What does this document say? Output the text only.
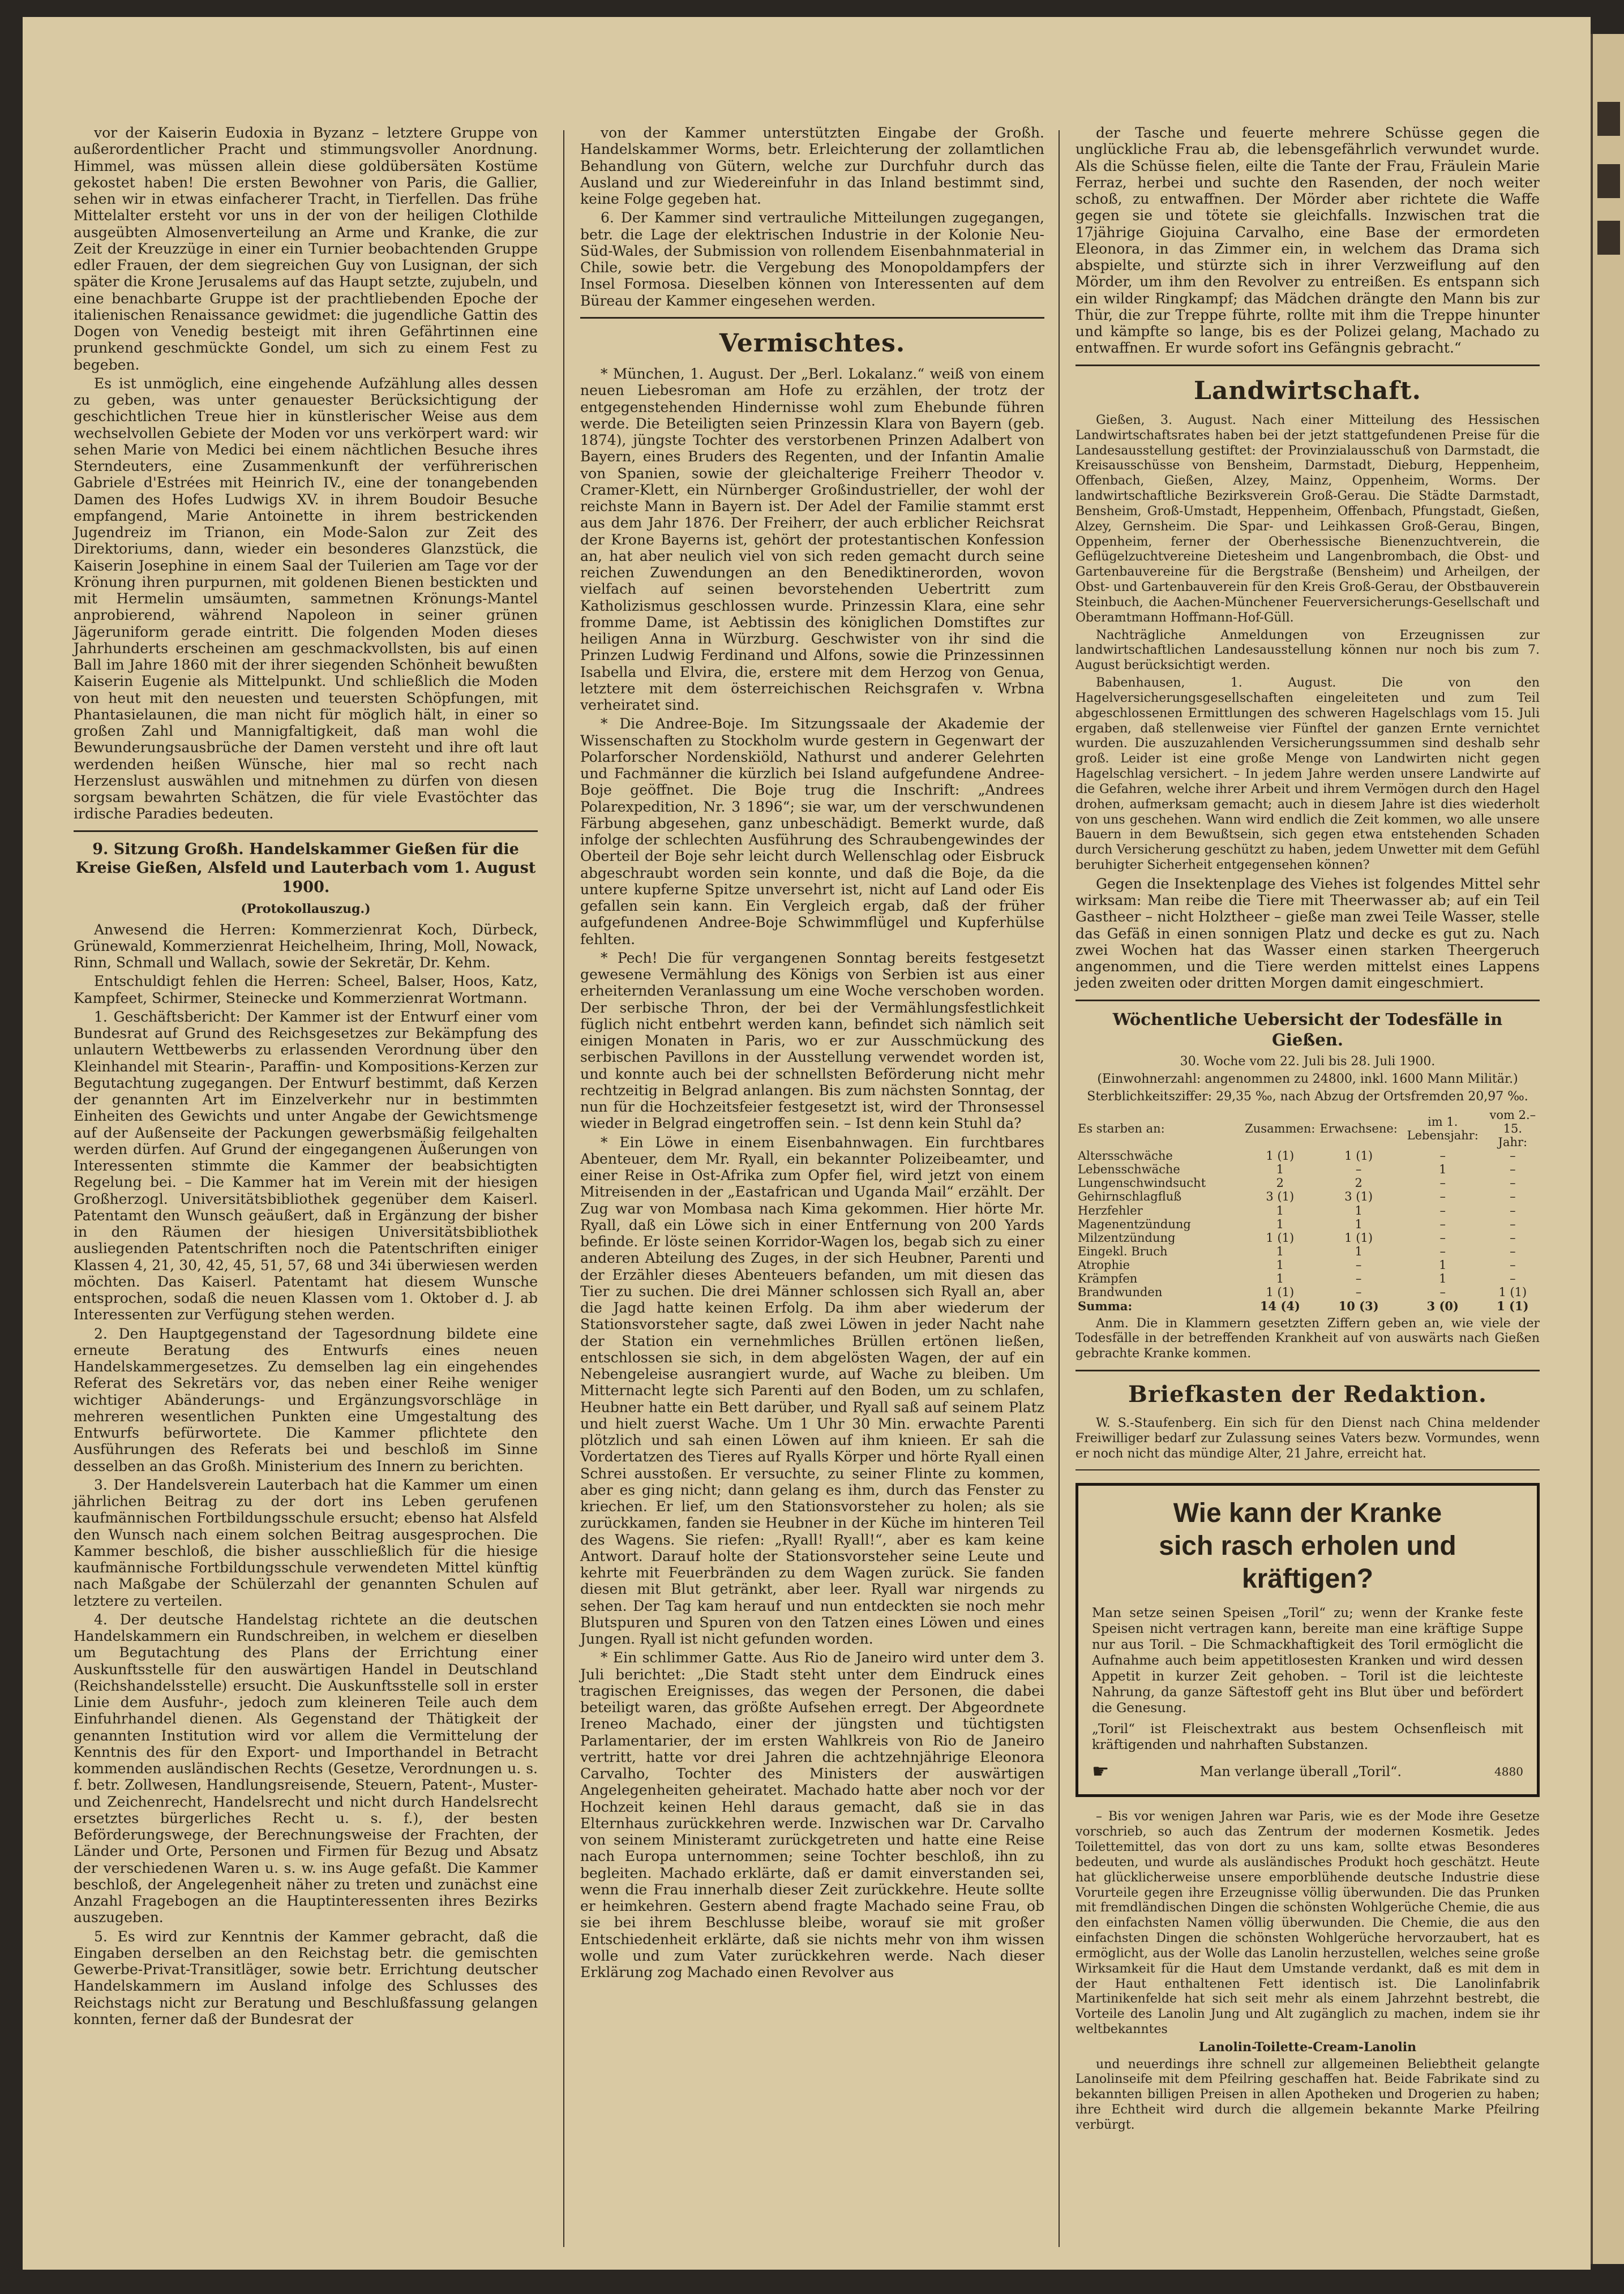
vor der Kaiserin Eudoxia in Byzanz – letztere Gruppe von außerordentlicher Pracht und stimmungsvoller Anordnung. Himmel, was müssen allein diese goldübersäten Kostüme gekostet haben! Die ersten Bewohner von Paris, die Gallier, sehen wir in etwas einfacherer Tracht, in Tierfellen. Das frühe Mittelalter ersteht vor uns in der von der heiligen Clothilde ausgeübten Almosenverteilung an Arme und Kranke, die zur Zeit der Kreuzzüge in einer ein Turnier beobachtenden Gruppe edler Frauen, der dem siegreichen Guy von Lusignan, der sich später die Krone Jerusalems auf das Haupt setzte, zujubeln, und eine benachbarte Gruppe ist der prachtliebenden Epoche der italienischen Renaissance gewidmet: die jugendliche Gattin des Dogen von Venedig besteigt mit ihren Gefährtinnen eine prunkend geschmückte Gondel, um sich zu einem Fest zu begeben.

Es ist unmöglich, eine eingehende Aufzählung alles dessen zu geben, was unter genauester Berücksichtigung der geschichtlichen Treue hier in künstlerischer Weise aus dem wechselvollen Gebiete der Moden vor uns verkörpert ward: wir sehen Marie von Medici bei einem nächtlichen Besuche ihres Sterndeuters, eine Zusammenkunft der verführerischen Gabriele d'Estrées mit Heinrich IV., eine der tonangebenden Damen des Hofes Ludwigs XV. in ihrem Boudoir Besuche empfangend, Marie Antoinette in ihrem bestrickenden Jugendreiz im Trianon, ein Mode-Salon zur Zeit des Direktoriums, dann, wieder ein besonderes Glanzstück, die Kaiserin Josephine in einem Saal der Tuilerien am Tage vor der Krönung ihren purpurnen, mit goldenen Bienen bestickten und mit Hermelin umsäumten, sammetnen Krönungs-Mantel anprobierend, während Napoleon in seiner grünen Jägeruniform gerade eintritt. Die folgenden Moden dieses Jahrhunderts erscheinen am geschmackvollsten, bis auf einen Ball im Jahre 1860 mit der ihrer siegenden Schönheit bewußten Kaiserin Eugenie als Mittelpunkt. Und schließlich die Moden von heut mit den neuesten und teuersten Schöpfungen, mit Phantasielaunen, die man nicht für möglich hält, in einer so großen Zahl und Mannigfaltigkeit, daß man wohl die Bewunderungsausbrüche der Damen versteht und ihre oft laut werdenden heißen Wünsche, hier mal so recht nach Herzenslust auswählen und mitnehmen zu dürfen von diesen sorgsam bewahrten Schätzen, die für viele Evastöchter das irdische Paradies bedeuten.

9. Sitzung Großh. Handelskammer Gießen für die Kreise Gießen, Alsfeld und Lauterbach vom 1. August 1900.
(Protokollauszug.)

Anwesend die Herren: Kommerzienrat Koch, Dürbeck, Grünewald, Kommerzienrat Heichelheim, Ihring, Moll, Nowack, Rinn, Schmall und Wallach, sowie der Sekretär, Dr. Kehm.

Entschuldigt fehlen die Herren: Scheel, Balser, Hoos, Katz, Kampfeet, Schirmer, Steinecke und Kommerzienrat Wortmann.

1. Geschäftsbericht: Der Kammer ist der Entwurf einer vom Bundesrat auf Grund des Reichsgesetzes zur Bekämpfung des unlautern Wettbewerbs zu erlassenden Verordnung über den Kleinhandel mit Stearin-, Paraffin- und Kompositions-Kerzen zur Begutachtung zugegangen. Der Entwurf bestimmt, daß Kerzen der genannten Art im Einzelverkehr nur in bestimmten Einheiten des Gewichts und unter Angabe der Gewichtsmenge auf der Außenseite der Packungen gewerbsmäßig feilgehalten werden dürfen. Auf Grund der eingegangenen Äußerungen von Interessenten stimmte die Kammer der beabsichtigten Regelung bei. – Die Kammer hat im Verein mit der hiesigen Großherzogl. Universitätsbibliothek gegenüber dem Kaiserl. Patentamt den Wunsch geäußert, daß in Ergänzung der bisher in den Räumen der hiesigen Universitätsbibliothek ausliegenden Patentschriften noch die Patentschriften einiger Klassen 4, 21, 30, 42, 45, 51, 57, 68 und 34i überwiesen werden möchten. Das Kaiserl. Patentamt hat diesem Wunsche entsprochen, sodaß die neuen Klassen vom 1. Oktober d. J. ab Interessenten zur Verfügung stehen werden.

2. Den Hauptgegenstand der Tagesordnung bildete eine erneute Beratung des Entwurfs eines neuen Handelskammergesetzes. Zu demselben lag ein eingehendes Referat des Sekretärs vor, das neben einer Reihe weniger wichtiger Abänderungs- und Ergänzungsvorschläge in mehreren wesentlichen Punkten eine Umgestaltung des Entwurfs befürwortete. Die Kammer pflichtete den Ausführungen des Referats bei und beschloß im Sinne desselben an das Großh. Ministerium des Innern zu berichten.

3. Der Handelsverein Lauterbach hat die Kammer um einen jährlichen Beitrag zu der dort ins Leben gerufenen kaufmännischen Fortbildungsschule ersucht; ebenso hat Alsfeld den Wunsch nach einem solchen Beitrag ausgesprochen. Die Kammer beschloß, die bisher ausschließlich für die hiesige kaufmännische Fortbildungsschule verwendeten Mittel künftig nach Maßgabe der Schülerzahl der genannten Schulen auf letztere zu verteilen.

4. Der deutsche Handelstag richtete an die deutschen Handelskammern ein Rundschreiben, in welchem er dieselben um Begutachtung des Plans der Errichtung einer Auskunftsstelle für den auswärtigen Handel in Deutschland (Reichshandelsstelle) ersucht. Die Auskunftsstelle soll in erster Linie dem Ausfuhr-, jedoch zum kleineren Teile auch dem Einfuhrhandel dienen. Als Gegenstand der Thätigkeit der genannten Institution wird vor allem die Vermittelung der Kenntnis des für den Export- und Importhandel in Betracht kommenden ausländischen Rechts (Gesetze, Verordnungen u. s. f. betr. Zollwesen, Handlungsreisende, Steuern, Patent-, Muster- und Zeichenrecht, Handelsrecht und nicht durch Handelsrecht ersetztes bürgerliches Recht u. s. f.), der besten Beförderungswege, der Berechnungsweise der Frachten, der Länder und Orte, Personen und Firmen für Bezug und Absatz der verschiedenen Waren u. s. w. ins Auge gefaßt. Die Kammer beschloß, der Angelegenheit näher zu treten und zunächst eine Anzahl Fragebogen an die Hauptinteressenten ihres Bezirks auszugeben.

5. Es wird zur Kenntnis der Kammer gebracht, daß die Eingaben derselben an den Reichstag betr. die gemischten Gewerbe-Privat-Transitläger, sowie betr. Errichtung deutscher Handelskammern im Ausland infolge des Schlusses des Reichstags nicht zur Beratung und Beschlußfassung gelangen konnten, ferner daß der Bundesrat der

von der Kammer unterstützten Eingabe der Großh. Handelskammer Worms, betr. Erleichterung der zollamtlichen Behandlung von Gütern, welche zur Durchfuhr durch das Ausland und zur Wiedereinfuhr in das Inland bestimmt sind, keine Folge gegeben hat.

6. Der Kammer sind vertrauliche Mitteilungen zugegangen, betr. die Lage der elektrischen Industrie in der Kolonie Neu-Süd-Wales, der Submission von rollendem Eisenbahnmaterial in Chile, sowie betr. die Vergebung des Monopoldampfers der Insel Formosa. Dieselben können von Interessenten auf dem Büreau der Kammer eingesehen werden.

Vermischtes.

* München, 1. August. Der „Berl. Lokalanz.“ weiß von einem neuen Liebesroman am Hofe zu erzählen, der trotz der entgegenstehenden Hindernisse wohl zum Ehebunde führen werde. Die Beteiligten seien Prinzessin Klara von Bayern (geb. 1874), jüngste Tochter des verstorbenen Prinzen Adalbert von Bayern, eines Bruders des Regenten, und der Infantin Amalie von Spanien, sowie der gleichalterige Freiherr Theodor v. Cramer-Klett, ein Nürnberger Großindustrieller, der wohl der reichste Mann in Bayern ist. Der Adel der Familie stammt erst aus dem Jahr 1876. Der Freiherr, der auch erblicher Reichsrat der Krone Bayerns ist, gehört der protestantischen Konfession an, hat aber neulich viel von sich reden gemacht durch seine reichen Zuwendungen an den Benediktinerorden, wovon vielfach auf seinen bevorstehenden Uebertritt zum Katholizismus geschlossen wurde. Prinzessin Klara, eine sehr fromme Dame, ist Aebtissin des königlichen Domstiftes zur heiligen Anna in Würzburg. Geschwister von ihr sind die Prinzen Ludwig Ferdinand und Alfons, sowie die Prinzessinnen Isabella und Elvira, die, erstere mit dem Herzog von Genua, letztere mit dem österreichischen Reichsgrafen v. Wrbna verheiratet sind.

* Die Andree-Boje. Im Sitzungssaale der Akademie der Wissenschaften zu Stockholm wurde gestern in Gegenwart der Polarforscher Nordenskiöld, Nathurst und anderer Gelehrten und Fachmänner die kürzlich bei Island aufgefundene Andree-Boje geöffnet. Die Boje trug die Inschrift: „Andrees Polarexpedition, Nr. 3 1896“; sie war, um der verschwundenen Färbung abgesehen, ganz unbeschädigt. Bemerkt wurde, daß infolge der schlechten Ausführung des Schraubengewindes der Oberteil der Boje sehr leicht durch Wellenschlag oder Eisbruck abgeschraubt worden sein konnte, und daß die Boje, da die untere kupferne Spitze unversehrt ist, nicht auf Land oder Eis gefallen sein kann. Ein Vergleich ergab, daß der früher aufgefundenen Andree-Boje Schwimmflügel und Kupferhülse fehlten.

* Pech! Die für vergangenen Sonntag bereits festgesetzt gewesene Vermählung des Königs von Serbien ist aus einer erheiternden Veranlassung um eine Woche verschoben worden. Der serbische Thron, der bei der Vermählungsfestlichkeit füglich nicht entbehrt werden kann, befindet sich nämlich seit einigen Monaten in Paris, wo er zur Ausschmückung des serbischen Pavillons in der Ausstellung verwendet worden ist, und konnte auch bei der schnellsten Beförderung nicht mehr rechtzeitig in Belgrad anlangen. Bis zum nächsten Sonntag, der nun für die Hochzeitsfeier festgesetzt ist, wird der Thronsessel wieder in Belgrad eingetroffen sein. – Ist denn kein Stuhl da?

* Ein Löwe in einem Eisenbahnwagen. Ein furchtbares Abenteuer, dem Mr. Ryall, ein bekannter Polizeibeamter, und einer Reise in Ost-Afrika zum Opfer fiel, wird jetzt von einem Mitreisenden in der „Eastafrican und Uganda Mail“ erzählt. Der Zug war von Mombasa nach Kima gekommen. Hier hörte Mr. Ryall, daß ein Löwe sich in einer Entfernung von 200 Yards befinde. Er löste seinen Korridor-Wagen los, begab sich zu einer anderen Abteilung des Zuges, in der sich Heubner, Parenti und der Erzähler dieses Abenteuers befanden, um mit diesen das Tier zu suchen. Die drei Männer schlossen sich Ryall an, aber die Jagd hatte keinen Erfolg. Da ihm aber wiederum der Stationsvorsteher sagte, daß zwei Löwen in jeder Nacht nahe der Station ein vernehmliches Brüllen ertönen ließen, entschlossen sie sich, in dem abgelösten Wagen, der auf ein Nebengeleise ausrangiert wurde, auf Wache zu bleiben. Um Mitternacht legte sich Parenti auf den Boden, um zu schlafen, Heubner hatte ein Bett darüber, und Ryall saß auf seinem Platz und hielt zuerst Wache. Um 1 Uhr 30 Min. erwachte Parenti plötzlich und sah einen Löwen auf ihm knieen. Er sah die Vordertatzen des Tieres auf Ryalls Körper und hörte Ryall einen Schrei ausstoßen. Er versuchte, zu seiner Flinte zu kommen, aber es ging nicht; dann gelang es ihm, durch das Fenster zu kriechen. Er lief, um den Stationsvorsteher zu holen; als sie zurückkamen, fanden sie Heubner in der Küche im hinteren Teil des Wagens. Sie riefen: „Ryall! Ryall!“, aber es kam keine Antwort. Darauf holte der Stationsvorsteher seine Leute und kehrte mit Feuerbränden zu dem Wagen zurück. Sie fanden diesen mit Blut getränkt, aber leer. Ryall war nirgends zu sehen. Der Tag kam herauf und nun entdeckten sie noch mehr Blutspuren und Spuren von den Tatzen eines Löwen und eines Jungen. Ryall ist nicht gefunden worden.

* Ein schlimmer Gatte. Aus Rio de Janeiro wird unter dem 3. Juli berichtet: „Die Stadt steht unter dem Eindruck eines tragischen Ereignisses, das wegen der Personen, die dabei beteiligt waren, das größte Aufsehen erregt. Der Abgeordnete Ireneo Machado, einer der jüngsten und tüchtigsten Parlamentarier, der im ersten Wahlkreis von Rio de Janeiro vertritt, hatte vor drei Jahren die achtzehnjährige Eleonora Carvalho, Tochter des Ministers der auswärtigen Angelegenheiten geheiratet. Machado hatte aber noch vor der Hochzeit keinen Hehl daraus gemacht, daß sie in das Elternhaus zurückkehren werde. Inzwischen war Dr. Carvalho von seinem Ministeramt zurückgetreten und hatte eine Reise nach Europa unternommen; seine Tochter beschloß, ihn zu begleiten. Machado erklärte, daß er damit einverstanden sei, wenn die Frau innerhalb dieser Zeit zurückkehre. Heute sollte er heimkehren. Gestern abend fragte Machado seine Frau, ob sie bei ihrem Beschlusse bleibe, worauf sie mit großer Entschiedenheit erklärte, daß sie nichts mehr von ihm wissen wolle und zum Vater zurückkehren werde. Nach dieser Erklärung zog Machado einen Revolver aus

der Tasche und feuerte mehrere Schüsse gegen die unglückliche Frau ab, die lebensgefährlich verwundet wurde. Als die Schüsse fielen, eilte die Tante der Frau, Fräulein Marie Ferraz, herbei und suchte den Rasenden, der noch weiter schoß, zu entwaffnen. Der Mörder aber richtete die Waffe gegen sie und tötete sie gleichfalls. Inzwischen trat die 17jährige Giojuina Carvalho, eine Base der ermordeten Eleonora, in das Zimmer ein, in welchem das Drama sich abspielte, und stürzte sich in ihrer Verzweiflung auf den Mörder, um ihm den Revolver zu entreißen. Es entspann sich ein wilder Ringkampf; das Mädchen drängte den Mann bis zur Thür, die zur Treppe führte, rollte mit ihm die Treppe hinunter und kämpfte so lange, bis es der Polizei gelang, Machado zu entwaffnen. Er wurde sofort ins Gefängnis gebracht.“

Landwirtschaft.

Gießen, 3. August. Nach einer Mitteilung des Hessischen Landwirtschaftsrates haben bei der jetzt stattgefundenen Preise für die Landesausstellung gestiftet: der Provinzialausschuß von Darmstadt, die Kreisausschüsse von Bensheim, Darmstadt, Dieburg, Heppenheim, Offenbach, Gießen, Alzey, Mainz, Oppenheim, Worms. Der landwirtschaftliche Bezirksverein Groß-Gerau. Die Städte Darmstadt, Bensheim, Groß-Umstadt, Heppenheim, Offenbach, Pfungstadt, Gießen, Alzey, Gernsheim. Die Spar- und Leihkassen Groß-Gerau, Bingen, Oppenheim, ferner der Oberhessische Bienenzuchtverein, die Geflügelzuchtvereine Dietesheim und Langenbrombach, die Obst- und Gartenbauvereine für die Bergstraße (Bensheim) und Arheilgen, der Obst- und Gartenbauverein für den Kreis Groß-Gerau, der Obstbauverein Steinbuch, die Aachen-Münchener Feuerversicherungs-Gesellschaft und Oberamtmann Hoffmann-Hof-Güll.

Nachträgliche Anmeldungen von Erzeugnissen zur landwirtschaftlichen Landesausstellung können nur noch bis zum 7. August berücksichtigt werden.

Babenhausen, 1. August. Die von den Hagelversicherungsgesellschaften eingeleiteten und zum Teil abgeschlossenen Ermittlungen des schweren Hagelschlags vom 15. Juli ergaben, daß stellenweise vier Fünftel der ganzen Ernte vernichtet wurden. Die auszuzahlenden Versicherungssummen sind deshalb sehr groß. Leider ist eine große Menge von Landwirten nicht gegen Hagelschlag versichert. – In jedem Jahre werden unsere Landwirte auf die Gefahren, welche ihrer Arbeit und ihrem Vermögen durch den Hagel drohen, aufmerksam gemacht; auch in diesem Jahre ist dies wiederholt von uns geschehen. Wann wird endlich die Zeit kommen, wo alle unsere Bauern in dem Bewußtsein, sich gegen etwa entstehenden Schaden durch Versicherung geschützt zu haben, jedem Unwetter mit dem Gefühl beruhigter Sicherheit entgegensehen können?

Gegen die Insektenplage des Viehes ist folgendes Mittel sehr wirksam: Man reibe die Tiere mit Theerwasser ab; auf ein Teil Gastheer – nicht Holztheer – gieße man zwei Teile Wasser, stelle das Gefäß in einen sonnigen Platz und decke es gut zu. Nach zwei Wochen hat das Wasser einen starken Theergeruch angenommen, und die Tiere werden mittelst eines Lappens jeden zweiten oder dritten Morgen damit eingeschmiert.

Wöchentliche Uebersicht der Todesfälle in Gießen.

30. Woche vom 22. Juli bis 28. Juli 1900.

(Einwohnerzahl: angenommen zu 24800, inkl. 1600 Mann Militär.)

Sterblichkeitsziffer: 29,35 ‰, nach Abzug der Ortsfremden 20,97 ‰.

Es starben an:	Zusammen:	Erwachsene:	im 1. Lebensjahr:	vom 2.–15. Jahr:
Altersschwäche	1 (1)	1 (1)	–	–
Lebensschwäche	1	–	1	–
Lungenschwindsucht	2	2	–	–
Gehirnschlagfluß	3 (1)	3 (1)	–	–
Herzfehler	1	1	–	–
Magenentzündung	1	1	–	–
Milzentzündung	1 (1)	1 (1)	–	–
Eingekl. Bruch	1	1	–	–
Atrophie	1	–	1	–
Krämpfen	1	–	1	–
Brandwunden	1 (1)	–	–	1 (1)
Summa:	14 (4)	10 (3)	3 (0)	1 (1)

Anm. Die in Klammern gesetzten Ziffern geben an, wie viele der Todesfälle in der betreffenden Krankheit auf von auswärts nach Gießen gebrachte Kranke kommen.

Briefkasten der Redaktion.

W. S.-Staufenberg. Ein sich für den Dienst nach China meldender Freiwilliger bedarf zur Zulassung seines Vaters bezw. Vormundes, wenn er noch nicht das mündige Alter, 21 Jahre, erreicht hat.

Wie kann der Kranke
sich rasch erholen und kräftigen?
Man setze seinen Speisen „Toril“ zu; wenn der Kranke feste Speisen nicht vertragen kann, bereite man eine kräftige Suppe nur aus Toril. – Die Schmackhaftigkeit des Toril ermöglicht die Aufnahme auch beim appetitlosesten Kranken und wird dessen Appetit in kurzer Zeit gehoben. – Toril ist die leichteste Nahrung, da ganze Säftestoff geht ins Blut über und befördert die Genesung.
„Toril“ ist Fleischextrakt aus bestem Ochsenfleisch mit kräftigenden und nahrhaften Substanzen.
☛	Man verlange überall „Toril“.	4880

– Bis vor wenigen Jahren war Paris, wie es der Mode ihre Gesetze vorschrieb, so auch das Zentrum der modernen Kosmetik. Jedes Toilettemittel, das von dort zu uns kam, sollte etwas Besonderes bedeuten, und wurde als ausländisches Produkt hoch geschätzt. Heute hat glücklicherweise unsere emporblühende deutsche Industrie diese Vorurteile gegen ihre Erzeugnisse völlig überwunden. Die das Prunken mit fremdländischen Dingen die schönsten Wohlgerüche Chemie, die aus den einfachsten Namen völlig überwunden. Die Chemie, die aus den einfachsten Dingen die schönsten Wohlgerüche hervorzaubert, hat es ermöglicht, aus der Wolle das Lanolin herzustellen, welches seine große Wirksamkeit für die Haut dem Umstande verdankt, daß es mit dem in der Haut enthaltenen Fett identisch ist. Die Lanolinfabrik Martinikenfelde hat sich seit mehr als einem Jahrzehnt bestrebt, die Vorteile des Lanolin Jung und Alt zugänglich zu machen, indem sie ihr weltbekanntes

Lanolin-Toilette-Cream-Lanolin

und neuerdings ihre schnell zur allgemeinen Beliebtheit gelangte Lanolinseife mit dem Pfeilring geschaffen hat. Beide Fabrikate sind zu bekannten billigen Preisen in allen Apotheken und Drogerien zu haben; ihre Echtheit wird durch die allgemein bekannte Marke Pfeilring verbürgt.
